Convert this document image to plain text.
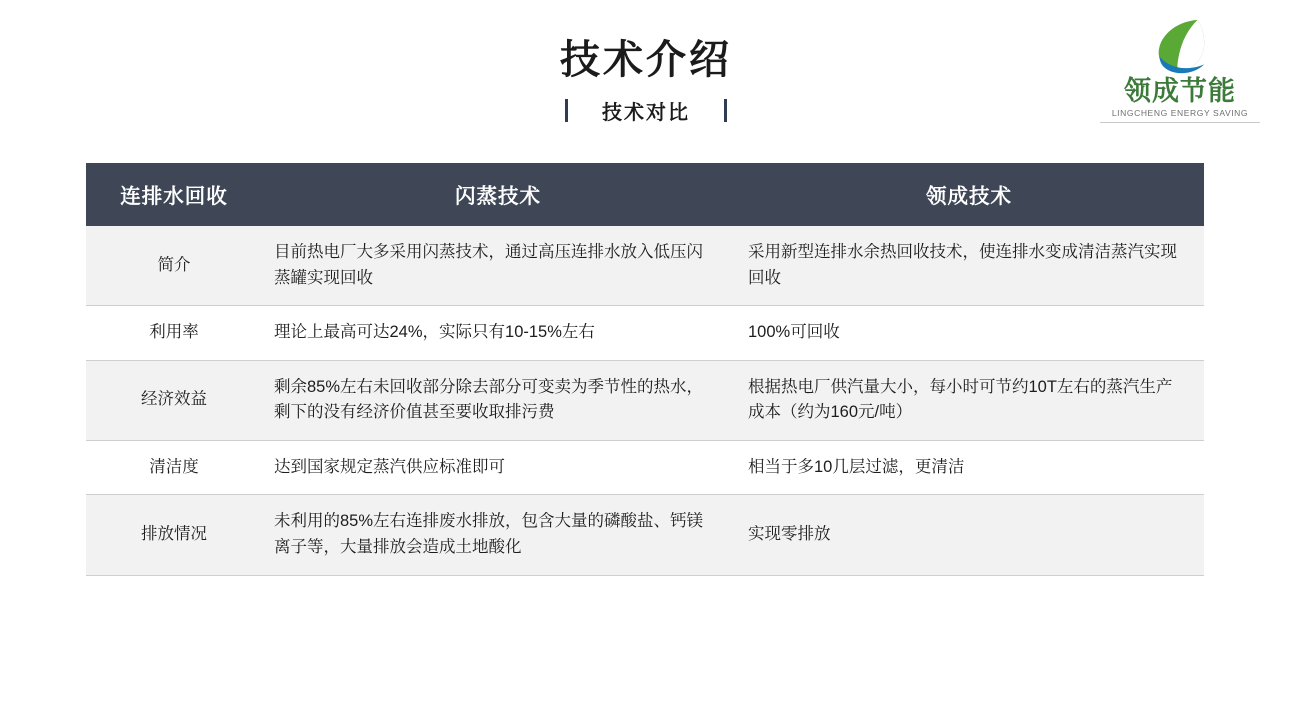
技术介绍
技术对比
领成节能
LINGCHENG ENERGY SAVING
连排水回收	闪蒸技术	领成技术
简介	目前热电厂大多采用闪蒸技术，通过高压连排水放入低压闪蒸罐实现回收	采用新型连排水余热回收技术，使连排水变成清洁蒸汽实现回收
利用率	理论上最高可达24%，实际只有10-15%左右	100%可回收
经济效益	剩余85%左右未回收部分除去部分可变卖为季节性的热水，剩下的没有经济价值甚至要收取排污费	根据热电厂供汽量大小，每小时可节约10T左右的蒸汽生产成本（约为160元/吨）
清洁度	达到国家规定蒸汽供应标准即可	相当于多10几层过滤，更清洁
排放情况	未利用的85%左右连排废水排放，包含大量的磷酸盐、钙镁离子等，大量排放会造成土地酸化	实现零排放
